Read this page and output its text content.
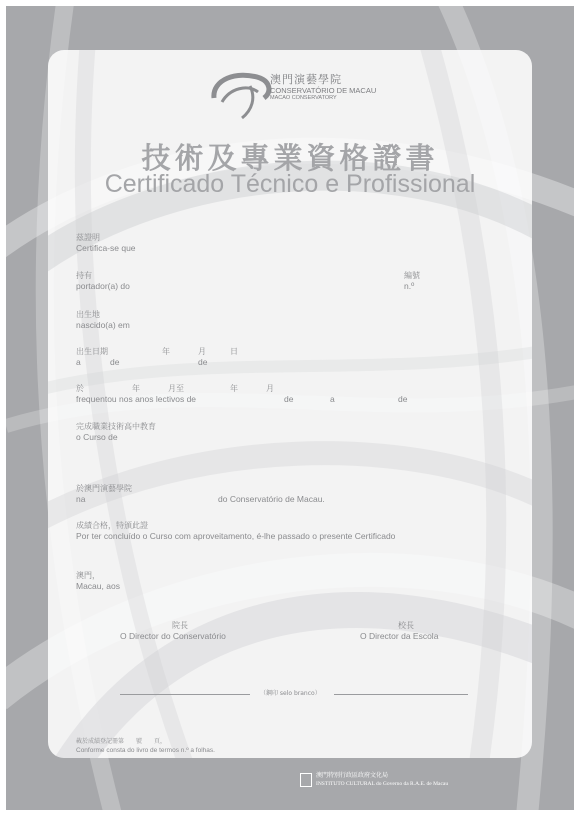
澳門演藝學院
CONSERVATÓRIO DE MACAU
MACAO CONSERVATORY
技術及專業資格證書
Certificado Técnico e Profissional
茲證明
Certifica-se que
持有
portador(a) do
編號
n.º
出生地
nascido(a) em
出生日期	年	月	日
a	de	de
於	年	月至	年	月
frequentou nos anos lectivos de	de	a	de
完成職業技術高中教育
o Curso de
於澳門演藝學院
na	do Conservatório de Macau.
成績合格，特頒此證
Por ter concluído o Curso com aproveitamento, é-lhe passado o presente Certificado
澳門，
Macau, aos
院長
O Director do Conservatório
校長
O Director da Escola
（鋼印 selo branco）
載於成績登記冊第　　號　　頁，
Conforme consta do livro de termos n.º a folhas.
澳門特別行政區政府文化局
INSTITUTO CULTURAL do Governo da R.A.E. de Macau
